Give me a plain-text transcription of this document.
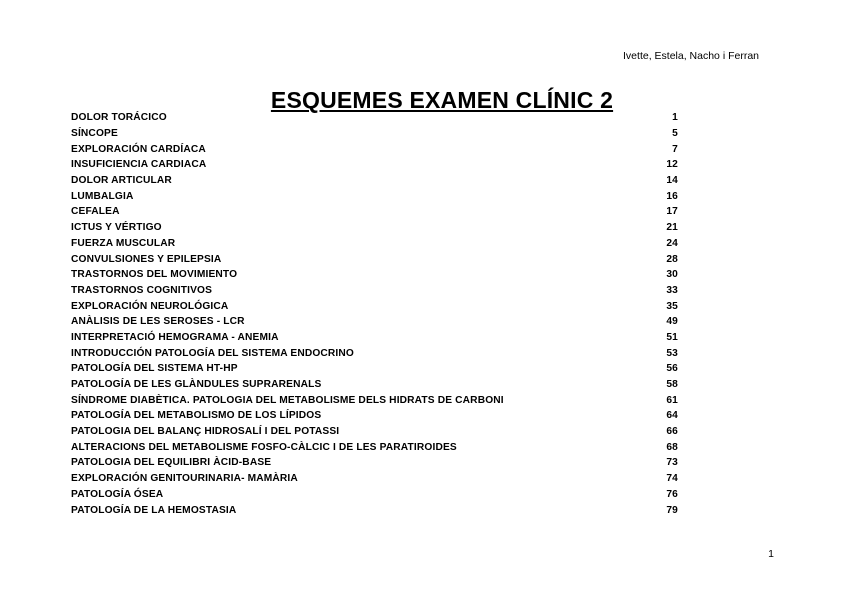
Ivette, Estela, Nacho i Ferran
ESQUEMES EXAMEN CLÍNIC 2
DOLOR TORÁCICO	1
SÍNCOPE	5
EXPLORACIÓN CARDÍACA	7
INSUFICIENCIA CARDIACA	12
DOLOR ARTICULAR	14
LUMBALGIA	16
CEFALEA	17
ICTUS Y VÉRTIGO	21
FUERZA MUSCULAR	24
CONVULSIONES Y EPILEPSIA	28
TRASTORNOS DEL MOVIMIENTO	30
TRASTORNOS COGNITIVOS	33
EXPLORACIÓN NEUROLÓGICA	35
ANÀLISIS DE LES SEROSES - LCR	49
INTERPRETACIÓ HEMOGRAMA - ANEMIA	51
INTRODUCCIÓN PATOLOGÍA DEL SISTEMA ENDOCRINO	53
PATOLOGÍA DEL SISTEMA HT-HP	56
PATOLOGÍA DE LES GLÀNDULES SUPRARENALS	58
SÍNDROME DIABÈTICA. PATOLOGIA DEL METABOLISME DELS HIDRATS DE CARBONI	61
PATOLOGÍA DEL METABOLISMO DE LOS LÍPIDOS	64
PATOLOGIA DEL BALANÇ HIDROSALÍ I DEL POTASSI	66
ALTERACIONS DEL METABOLISME FOSFO-CÀLCIC I DE LES PARATIROIDES	68
PATOLOGIA DEL EQUILIBRI ÀCID-BASE	73
EXPLORACIÓN GENITOURINARIA- MAMÀRIA	74
PATOLOGÍA ÓSEA	76
PATOLOGÍA DE LA HEMOSTASIA	79
1
